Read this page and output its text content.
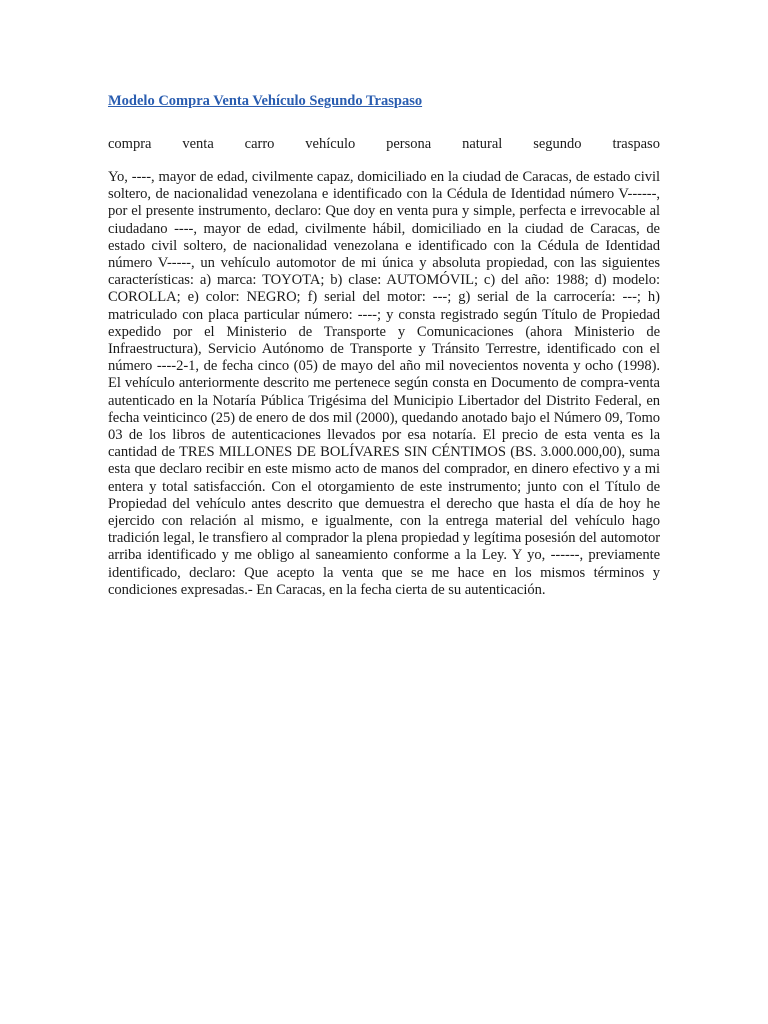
Modelo Compra Venta Vehículo Segundo Traspaso
compra venta carro vehículo persona natural segundo traspaso

Yo, ----, mayor de edad, civilmente capaz, domiciliado en la ciudad de Caracas, de estado civil soltero, de nacionalidad venezolana e identificado con la Cédula de Identidad número V------, por el presente instrumento, declaro: Que doy en venta pura y simple, perfecta e irrevocable al ciudadano ----, mayor de edad, civilmente hábil, domiciliado en la ciudad de Caracas, de estado civil soltero, de nacionalidad venezolana e identificado con la Cédula de Identidad número V-----, un vehículo automotor de mi única y absoluta propiedad, con las siguientes características: a) marca: TOYOTA; b) clase: AUTOMÓVIL; c) del año: 1988; d) modelo: COROLLA; e) color: NEGRO; f) serial del motor: ---; g) serial de la carrocería: ---; h) matriculado con placa particular número: ----; y consta registrado según Título de Propiedad expedido por el Ministerio de Transporte y Comunicaciones (ahora Ministerio de Infraestructura), Servicio Autónomo de Transporte y Tránsito Terrestre, identificado con el número ----2-1, de fecha cinco (05) de mayo del año mil novecientos noventa y ocho (1998). El vehículo anteriormente descrito me pertenece según consta en Documento de compra-venta autenticado en la Notaría Pública Trigésima del Municipio Libertador del Distrito Federal, en fecha veinticinco (25) de enero de dos mil (2000), quedando anotado bajo el Número 09, Tomo 03 de los libros de autenticaciones llevados por esa notaría. El precio de esta venta es la cantidad de TRES MILLONES DE BOLÍVARES SIN CÉNTIMOS (BS. 3.000.000,00), suma esta que declaro recibir en este mismo acto de manos del comprador, en dinero efectivo y a mi entera y total satisfacción. Con el otorgamiento de este instrumento; junto con el Título de Propiedad del vehículo antes descrito que demuestra el derecho que hasta el día de hoy he ejercido con relación al mismo, e igualmente, con la entrega material del vehículo hago tradición legal, le transfiero al comprador la plena propiedad y legítima posesión del automotor arriba identificado y me obligo al saneamiento conforme a la Ley. Y yo, ------, previamente identificado, declaro: Que acepto la venta que se me hace en los mismos términos y condiciones expresadas.- En Caracas, en la fecha cierta de su autenticación.
